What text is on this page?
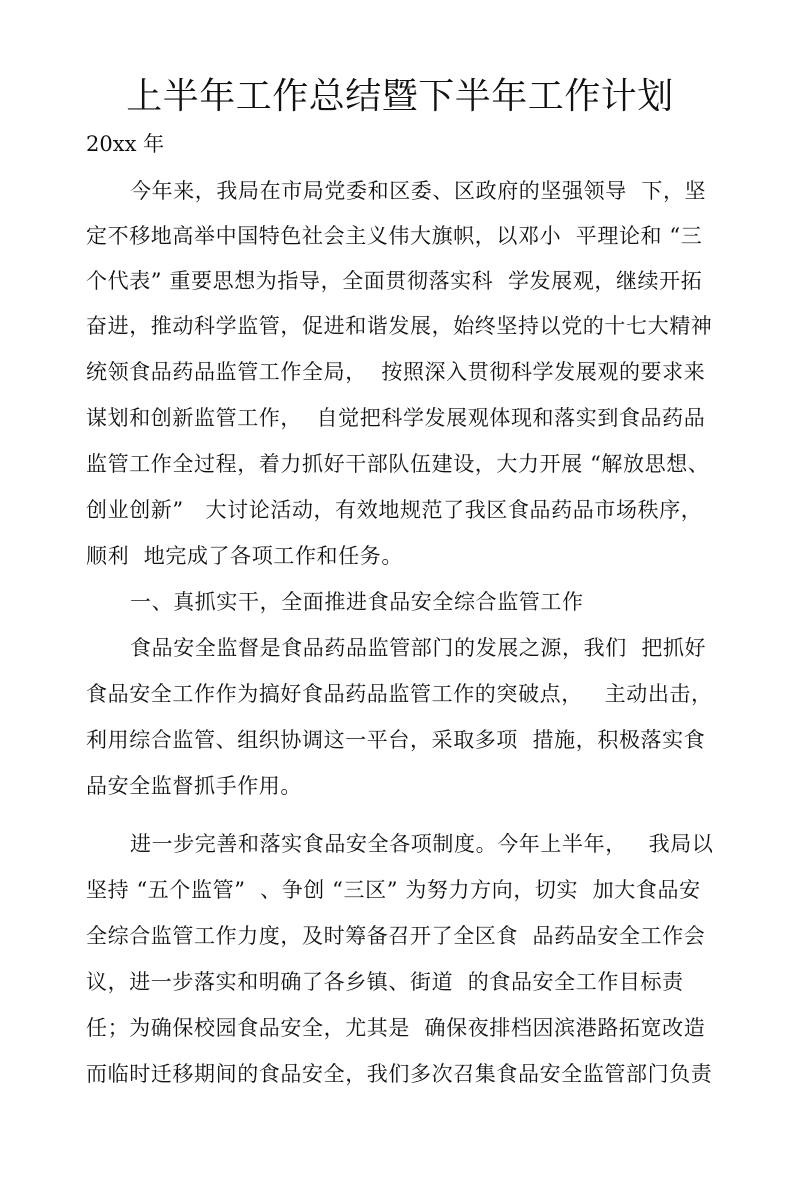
上半年工作总结暨下半年工作计划
20xx 年
今年来，我局在市局党委和区委、区政府的坚强领导  下，坚
定不移地高举中国特色社会主义伟大旗帜，以邓小  平理论和 “三
个代表” 重要思想为指导，全面贯彻落实科  学发展观，继续开拓
奋进，推动科学监管，促进和谐发展，始终坚持以党的十七大精神
统领食品药品监管工作全局，  按照深入贯彻科学发展观的要求来
谋划和创新监管工作，  自觉把科学发展观体现和落实到食品药品
监管工作全过程，着力抓好干部队伍建设，大力开展 “解放思想、
创业创新”   大讨论活动，有效地规范了我区食品药品市场秩序，
顺利  地完成了各项工作和任务。
一、真抓实干，全面推进食品安全综合监管工作
食品安全监督是食品药品监管部门的发展之源，我们  把抓好
食品安全工作作为搞好食品药品监管工作的突破点，   主动出击，
利用综合监管、组织协调这一平台，采取多项  措施，积极落实食
品安全监督抓手作用。
进一步完善和落实食品安全各项制度。今年上半年，   我局以
坚持 “五个监管”  、争创 “三区” 为努力方向，切实  加大食品安
全综合监管工作力度，及时筹备召开了全区食  品药品安全工作会
议，进一步落实和明确了各乡镇、街道  的食品安全工作目标责
任；为确保校园食品安全，尤其是  确保夜排档因滨港路拓宽改造
而临时迁移期间的食品安全，我们多次召集食品安全监管部门负责
